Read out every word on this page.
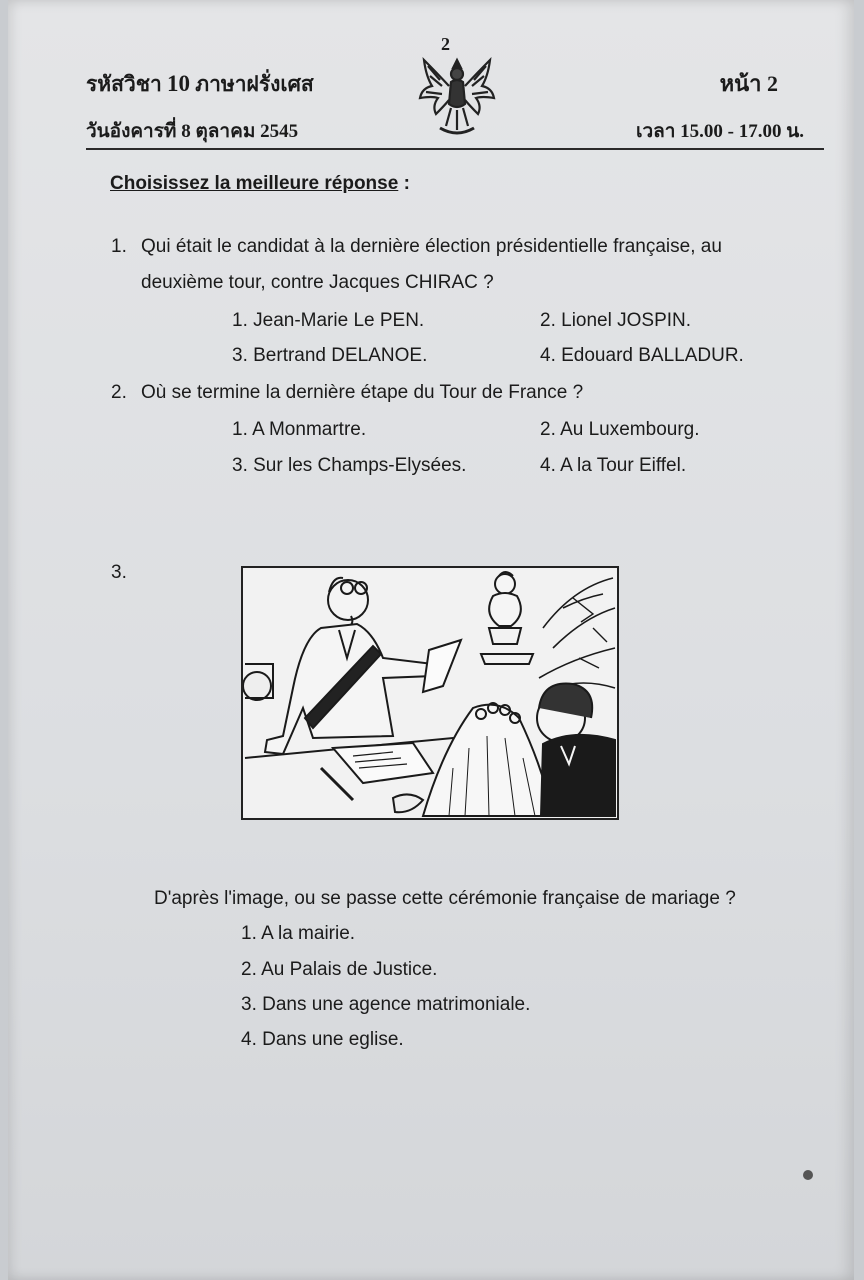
2
รหัสวิชา 10 ภาษาฝรั่งเศส
วันอังคารที่ 8 ตุลาคม 2545
หน้า 2
เวลา 15.00 - 17.00 น.
Choisissez la meilleure réponse :
1. Qui était le candidat à la dernière élection présidentielle française, au
deuxième tour, contre Jacques CHIRAC ?
1. Jean-Marie Le PEN.	2. Lionel JOSPIN.
3. Bertrand DELANOE.	4. Edouard BALLADUR.
2. Où se termine la dernière étape du Tour de France ?
1. A Monmartre.	2. Au Luxembourg.
3. Sur les Champs-Elysées.	4. A la Tour Eiffel.
3.
D'après l'image, ou se passe cette cérémonie française de mariage ?
1. A la mairie.
2. Au Palais de Justice.
3. Dans une agence matrimoniale.
4. Dans une eglise.
